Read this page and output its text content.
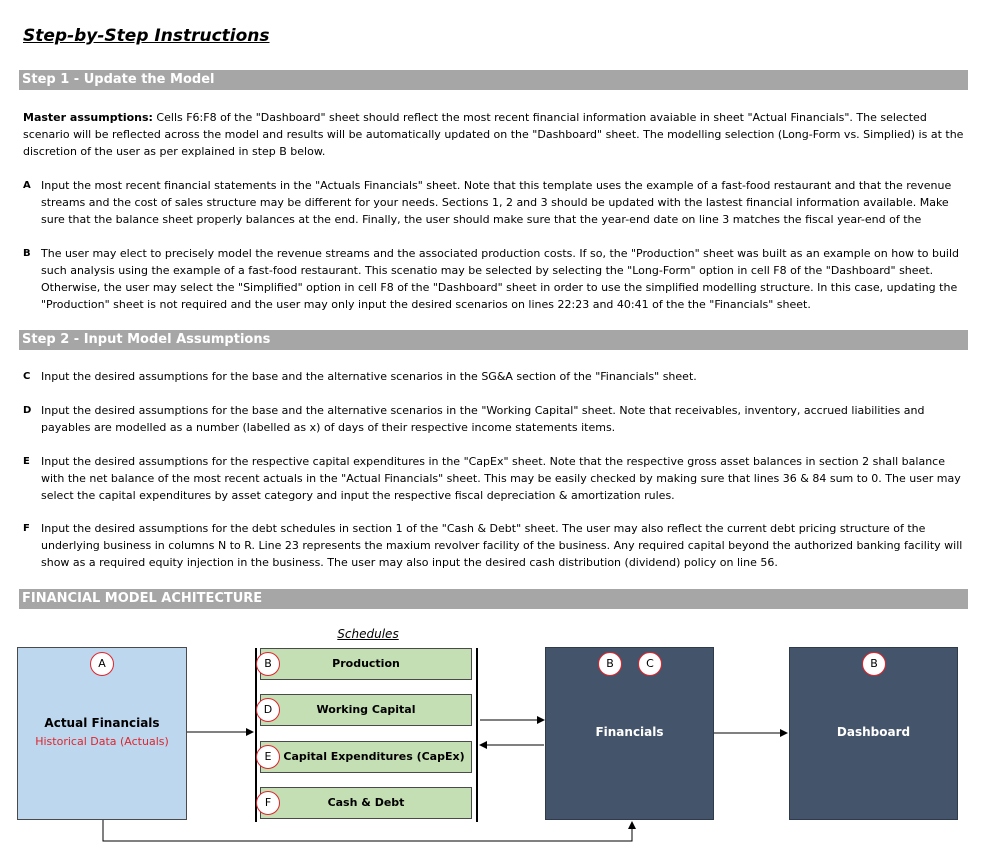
Step-by-Step Instructions
Step 1 - Update the Model
Master assumptions: Cells F6:F8 of the "Dashboard" sheet should reflect the most recent financial information avaiable in sheet "Actual Financials". The selected scenario will be reflected across the model and results will be automatically updated on the "Dashboard" sheet. The modelling selection (Long-Form vs. Simplied) is at the discretion of the user as per explained in step B below.
A Input the most recent financial statements in the "Actuals Financials" sheet. Note that this template uses the example of a fast-food restaurant and that the revenue streams and the cost of sales structure may be different for your needs. Sections 1, 2 and 3 should be updated with the lastest financial information available. Make sure that the balance sheet properly balances at the end. Finally, the user should make sure that the year-end date on line 3 matches the fiscal year-end of the
B The user may elect to precisely model the revenue streams and the associated production costs. If so, the "Production" sheet was built as an example on how to build such analysis using the example of a fast-food restaurant. This scenatio may be selected by selecting the "Long-Form" option in cell F8 of the "Dashboard" sheet. Otherwise, the user may select the "Simplified" option in cell F8 of the "Dashboard" sheet in order to use the simplified modelling structure. In this case, updating the "Production" sheet is not required and the user may only input the desired scenarios on lines 22:23 and 40:41 of the the "Financials" sheet.
Step 2 - Input Model Assumptions
C Input the desired assumptions for the base and the alternative scenarios in the SG&A section of the "Financials" sheet.
D Input the desired assumptions for the base and the alternative scenarios in the "Working Capital" sheet. Note that receivables, inventory, accrued liabilities and payables are modelled as a number (labelled as x) of days of their respective income statements items.
E Input the desired assumptions for the respective capital expenditures in the "CapEx" sheet. Note that the respective gross asset balances in section 2 shall balance with the net balance of the most recent actuals in the "Actual Financials" sheet. This may be easily checked by making sure that lines 36 & 84 sum to 0. The user may select the capital expenditures by asset category and input the respective fiscal depreciation & amortization rules.
F Input the desired assumptions for the debt schedules in section 1 of the "Cash & Debt" sheet. The user may also reflect the current debt pricing structure of the underlying business in columns N to R. Line 23 represents the maxium revolver facility of the business. Any required capital beyond the authorized banking facility will show as a required equity injection in the business. The user may also input the desired cash distribution (dividend) policy on line 56.
FINANCIAL MODEL ACHITECTURE
Schedules
Actual Financials
Historical Data (Actuals)
A	Production
Working Capital
Capital Expenditures (CapEx)
Cash & Debt
B
D
E
F
Financials
B	C
Dashboard
B
